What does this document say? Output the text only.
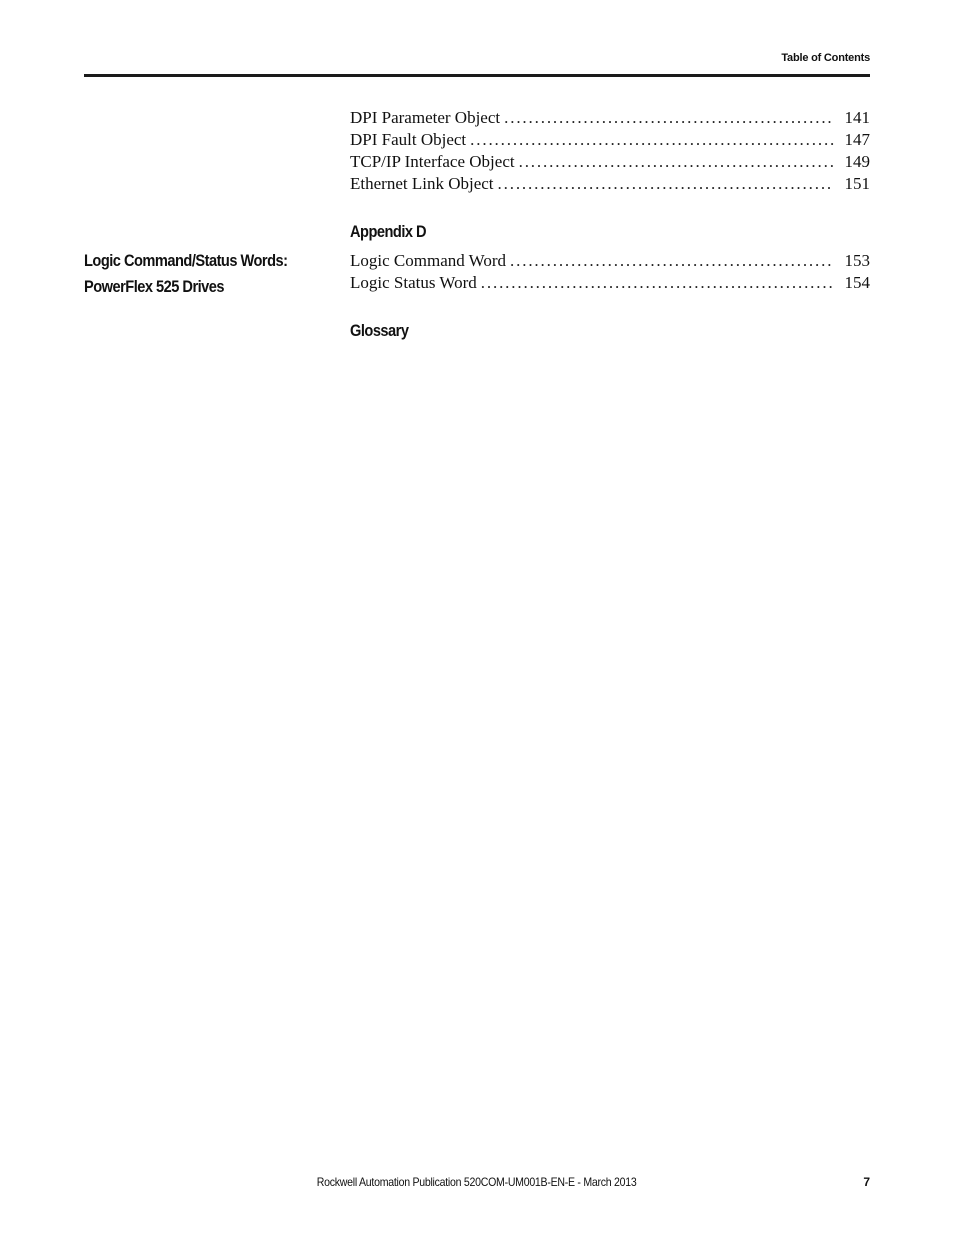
Table of Contents
DPI Parameter Object . . .	141
DPI Fault Object . . .	147
TCP/IP Interface Object . . .	149
Ethernet Link Object . . .	151
Appendix D
Logic Command/Status Words:
PowerFlex 525 Drives
Logic Command Word . . .	153
Logic Status Word . . .	154
Glossary
Rockwell Automation Publication 520COM-UM001B-EN-E - March 2013	7
